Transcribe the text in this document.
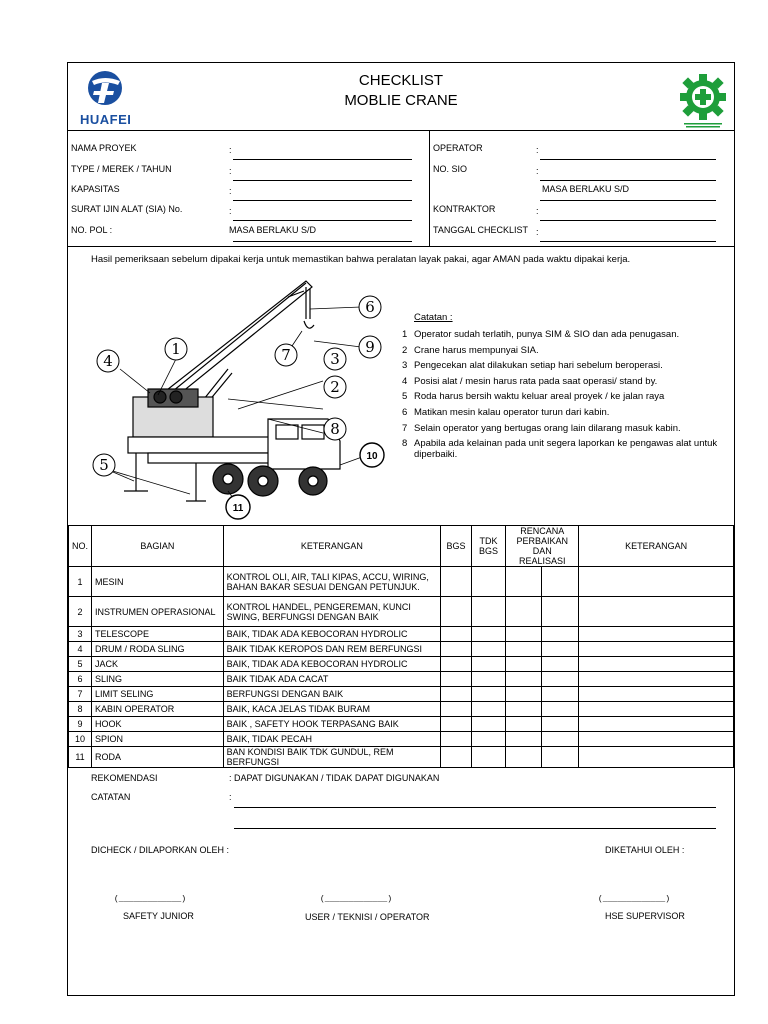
HUAFEI
CHECKLIST
MOBLIE CRANE
NAMA PROYEK	:
TYPE / MEREK / TAHUN	:
KAPASITAS	:
SURAT IJIN ALAT (SIA) No.	:
NO. POL :	MASA BERLAKU S/D
OPERATOR	:
NO. SIO	:
MASA BERLAKU S/D
KONTRAKTOR	:
TANGGAL CHECKLIST :
Hasil pemeriksaan sebelum dipakai kerja untuk memastikan bahwa peralatan layak pakai, agar AMAN pada waktu dipakai kerja.
1
2
3
4
5
6
7
8
9
10
11
Catatan :
1 Operator sudah terlatih, punya SIM & SIO dan ada penugasan.
2 Crane harus mempunyai SIA.
3 Pengecekan alat dilakukan setiap hari sebelum beroperasi.
4 Posisi alat / mesin harus rata pada saat operasi/ stand by.
5 Roda harus bersih waktu keluar areal proyek / ke jalan raya
6 Matikan mesin kalau operator turun dari kabin.
7 Selain operator yang bertugas orang lain dilarang masuk kabin.
8 Apabila ada kelainan pada unit segera laporkan ke pengawas alat untuk diperbaiki.
NO.	BAGIAN	KETERANGAN	BGS	TDK BGS	RENCANA PERBAIKAN DAN REALISASI		KETERANGAN
1	MESIN	KONTROL OLI, AIR, TALI KIPAS, ACCU, WIRING, BAHAN BAKAR SESUAI DENGAN PETUNJUK.					
2	INSTRUMEN OPERASIONAL	KONTROL HANDEL, PENGEREMAN, KUNCI SWING, BERFUNGSI DENGAN BAIK					
3	TELESCOPE	BAIK, TIDAK ADA KEBOCORAN HYDROLIC					
4	DRUM / RODA SLING	BAIK TIDAK KEROPOS DAN REM BERFUNGSI					
5	JACK	BAIK, TIDAK ADA KEBOCORAN HYDROLIC					
6	SLING	BAIK TIDAK ADA CACAT					
7	LIMIT SELING	BERFUNGSI DENGAN BAIK					
8	KABIN OPERATOR	BAIK, KACA JELAS TIDAK BURAM					
9	HOOK	BAIK , SAFETY HOOK TERPASANG BAIK					
10	SPION	BAIK, TIDAK PECAH					
11	RODA	BAN KONDISI BAIK TDK GUNDUL, REM BERFUNGSI					
REKOMENDASI	: DAPAT DIGUNAKAN / TIDAK DAPAT DIGUNAKAN
CATATAN	:
DICHECK / DILAPORKAN OLEH :	DIKETAHUI OLEH :
(_____________)	(_____________)	(_____________)
SAFETY JUNIOR	USER / TEKNISI / OPERATOR	HSE SUPERVISOR
